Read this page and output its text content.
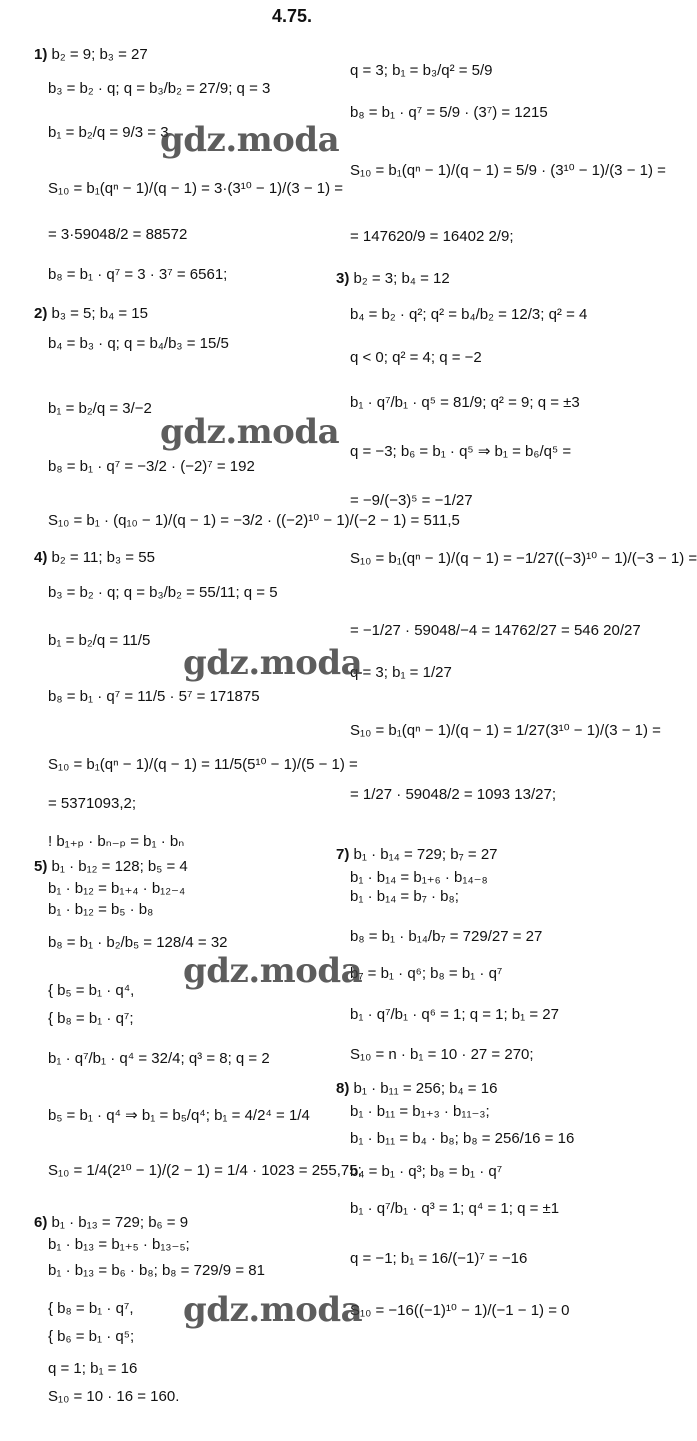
4.75.
1) b₂ = 9; b₃ = 27
b₃ = b₂ · q; q = b₃/b₂ = 27/9; q = 3
b₁ = b₂/q = 9/3 = 3
S₁₀ = b₁(qⁿ − 1)/(q − 1) = 3·(3¹⁰ − 1)/(3 − 1) =
= 3·59048/2 = 88572
b₈ = b₁ · q⁷ = 3 · 3⁷ = 6561;
2) b₃ = 5; b₄ = 15
b₄ = b₃ · q; q = b₄/b₃ = 15/5
b₁ = b₂/q = 3/−2
b₈ = b₁ · q⁷ = −3/2 · (−2)⁷ = 192
S₁₀ = b₁ · (q₁₀ − 1)/(q − 1) = −3/2 · ((−2)¹⁰ − 1)/(−2 − 1) = 511,5
4) b₂ = 11; b₃ = 55
b₃ = b₂ · q; q = b₃/b₂ = 55/11; q = 5
b₁ = b₂/q = 11/5
b₈ = b₁ · q⁷ = 11/5 · 5⁷ = 171875
S₁₀ = b₁(qⁿ − 1)/(q − 1) = 11/5(5¹⁰ − 1)/(5 − 1) =
= 5371093,2;
! b₁₊ₚ · bₙ₋ₚ = b₁ · bₙ
5) b₁ · b₁₂ = 128; b₅ = 4
b₁ · b₁₂ = b₁₊₄ · b₁₂₋₄
b₁ · b₁₂ = b₅ · b₈
b₈ = b₁ · b₂/b₅ = 128/4 = 32
{ b₅ = b₁ · q⁴,
{ b₈ = b₁ · q⁷;
b₁ · q⁷/b₁ · q⁴ = 32/4; q³ = 8; q = 2
b₅ = b₁ · q⁴ ⇒ b₁ = b₅/q⁴; b₁ = 4/2⁴ = 1/4
S₁₀ = 1/4(2¹⁰ − 1)/(2 − 1) = 1/4 · 1023 = 255,75;
6) b₁ · b₁₃ = 729; b₆ = 9
b₁ · b₁₃ = b₁₊₅ · b₁₃₋₅;
b₁ · b₁₃ = b₆ · b₈; b₈ = 729/9 = 81
{ b₈ = b₁ · q⁷,
{ b₆ = b₁ · q⁵;
q = 1; b₁ = 16
S₁₀ = 10 · 16 = 160.
q = 3; b₁ = b₃/q² = 5/9
b₈ = b₁ · q⁷ = 5/9 · (3⁷) = 1215
S₁₀ = b₁(qⁿ − 1)/(q − 1) = 5/9 · (3¹⁰ − 1)/(3 − 1) =
= 147620/9 = 16402 2/9;
3) b₂ = 3; b₄ = 12
b₄ = b₂ · q²; q² = b₄/b₂ = 12/3; q² = 4
q < 0; q² = 4; q = −2
b₁ · q⁷/b₁ · q⁵ = 81/9; q² = 9; q = ±3
q = −3; b₆ = b₁ · q⁵ ⇒ b₁ = b₆/q⁵ =
= −9/(−3)⁵ = −1/27
S₁₀ = b₁(qⁿ − 1)/(q − 1) = −1/27((−3)¹⁰ − 1)/(−3 − 1) =
= −1/27 · 59048/−4 = 14762/27 = 546 20/27
q = 3; b₁ = 1/27
S₁₀ = b₁(qⁿ − 1)/(q − 1) = 1/27(3¹⁰ − 1)/(3 − 1) =
= 1/27 · 59048/2 = 1093 13/27;
7) b₁ · b₁₄ = 729; b₇ = 27
b₁ · b₁₄ = b₁₊₆ · b₁₄₋₈
b₁ · b₁₄ = b₇ · b₈;
b₈ = b₁ · b₁₄/b₇ = 729/27 = 27
b₇ = b₁ · q⁶; b₈ = b₁ · q⁷
b₁ · q⁷/b₁ · q⁶ = 1; q = 1; b₁ = 27
S₁₀ = n · b₁ = 10 · 27 = 270;
8) b₁ · b₁₁ = 256; b₄ = 16
b₁ · b₁₁ = b₁₊₃ · b₁₁₋₃;
b₁ · b₁₁ = b₄ · b₈; b₈ = 256/16 = 16
b₄ = b₁ · q³; b₈ = b₁ · q⁷
b₁ · q⁷/b₁ · q³ = 1; q⁴ = 1; q = ±1
q = −1; b₁ = 16/(−1)⁷ = −16
S₁₀ = −16((−1)¹⁰ − 1)/(−1 − 1) = 0
gdz.moda
gdz.moda
gdz.moda
gdz.moda
gdz.moda
